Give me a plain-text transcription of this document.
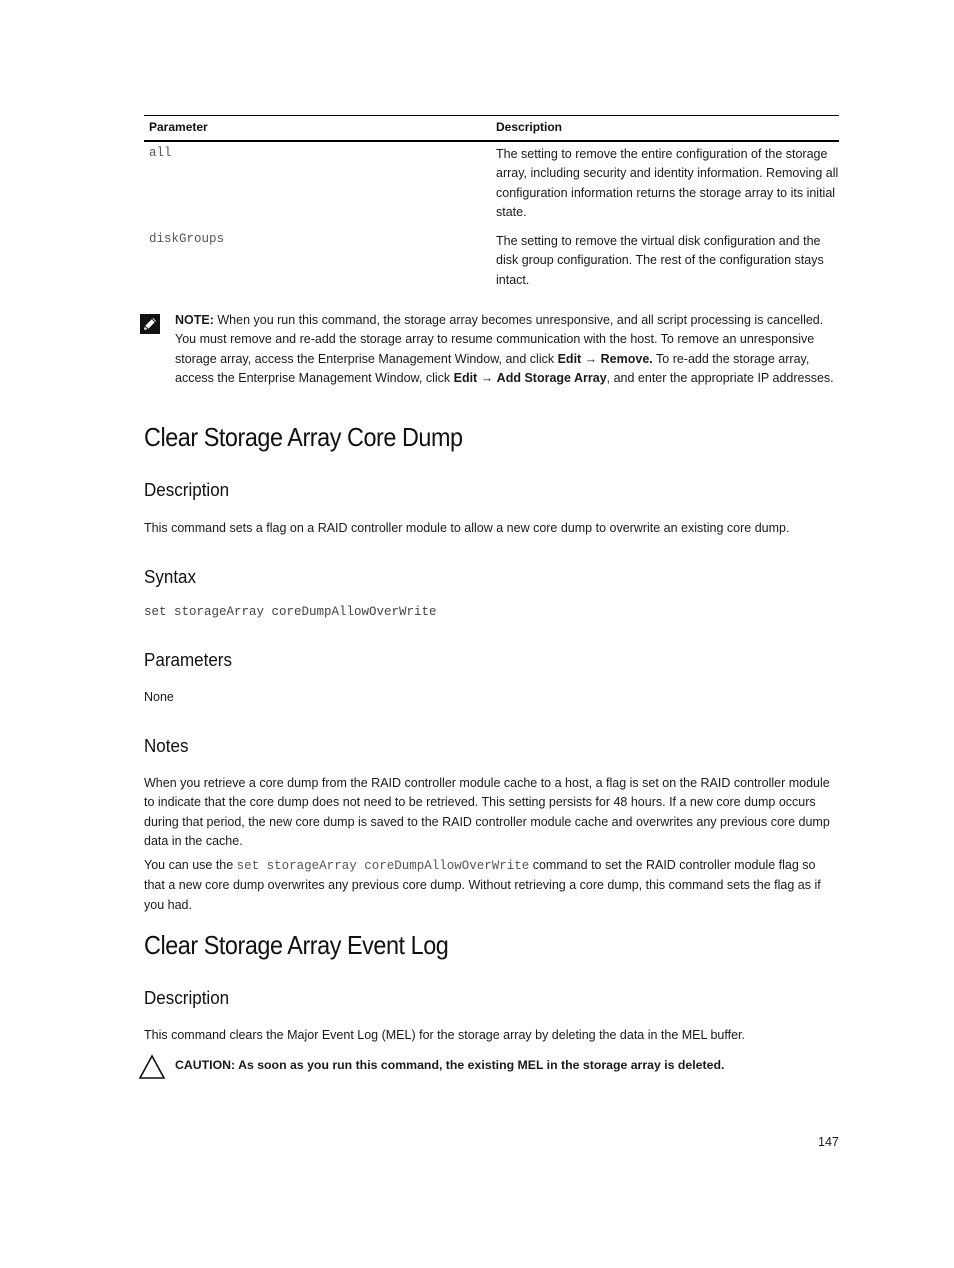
Parameter	Description
all	The setting to remove the entire configuration of the storage array, including security and identity information. Removing all configuration information returns the storage array to its initial state.
diskGroups	The setting to remove the virtual disk configuration and the disk group configuration. The rest of the configuration stays intact.
NOTE: When you run this command, the storage array becomes unresponsive, and all script processing is cancelled. You must remove and re-add the storage array to resume communication with the host. To remove an unresponsive storage array, access the Enterprise Management Window, and click Edit → Remove. To re-add the storage array, access the Enterprise Management Window, click Edit → Add Storage Array, and enter the appropriate IP addresses.
Clear Storage Array Core Dump
Description
This command sets a flag on a RAID controller module to allow a new core dump to overwrite an existing core dump.
Syntax
set storageArray coreDumpAllowOverWrite
Parameters
None
Notes
When you retrieve a core dump from the RAID controller module cache to a host, a flag is set on the RAID controller module to indicate that the core dump does not need to be retrieved. This setting persists for 48 hours. If a new core dump occurs during that period, the new core dump is saved to the RAID controller module cache and overwrites any previous core dump data in the cache.
You can use the set storageArray coreDumpAllowOverWrite command to set the RAID controller module flag so that a new core dump overwrites any previous core dump. Without retrieving a core dump, this command sets the flag as if you had.
Clear Storage Array Event Log
Description
This command clears the Major Event Log (MEL) for the storage array by deleting the data in the MEL buffer.
CAUTION: As soon as you run this command, the existing MEL in the storage array is deleted.
147
